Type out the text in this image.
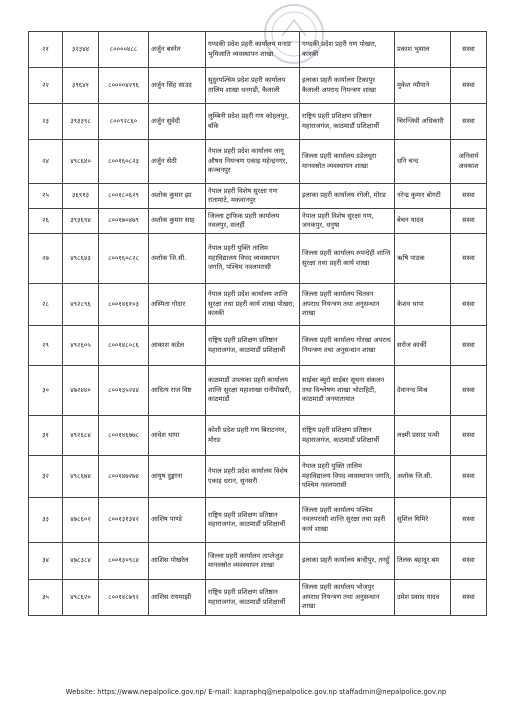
२१	३२३४४	८००००४८८	अर्जुन बस्नेत	गण्डकी प्रदेश प्रहरी कार्यालय मनाङ भुमिजाति व्यवस्थापन शाखा	गण्डकी प्रदेश प्रहरी गण पोखरा, कास्की	प्रकाश भुसाल	सस्वा
२२	३९६४१	८००००४२९६	अर्जुन सिंह साउद	सुदुरपश्चिम प्रदेश प्रहरी कार्यालय तालिम शाखा धनगढी, कैलाली	इलाका प्रहरी कार्यालय टिकापुर कैलाली अपराध नियन्त्रण शाखा	मुकेश न्यौपाने	सस्वा
२३	३९३३९८	८००९२८६०	अर्जुन सुवेदी	लुम्बिनी प्रदेश प्रहरी गण कोहलपुर, बाँके	राष्ट्रिय प्रहरी प्रशिक्षण प्रतिष्ठान महाराजगंज, काठमाडौं प्रशिक्षार्थी	चिरन्जिवी अधिकारी	सस्वा
२४	४९८६४०	८००१६०८२३	अर्जुन सेठी	नेपाल प्रहरी प्रदेश कार्यालय लागू औषध नियन्त्रण एकाइ महेन्द्रनगर, कञ्चनपुर	जिल्ला प्रहरी कार्यालय डडेलधुरा मानवस्रोत व्यवस्थापन शाखा	धनि चन्द	अनिवार्य अवकाश
२५	३६९१३	८००१८०६२९	अशोक कुमार झा	नेपाल प्रहरी विशेष सुरक्षा गण रातामाटे, मकवानपुर	इलाका प्रहरी कार्यालय रंगेली, मोरङ	नरेन्द्र कुमार बोगटी	सस्वा
२६	३९३६९४	८००१७०४७९	अशोक कुमार साह	जिल्ला ट्राफिक प्रहरी कार्यालय नवलपुर, सलर्ही	नेपाल प्रहरी विशेष सुरक्षा गण, जनकपुर, धनुषा	बेचन यादव	सस्वा
२७	४९८६४३	८००१६०८२८	अशोक जि.सी.	नेपाल प्रहरी युक्ति तालिम महाविद्यालय विपद व्यवस्थापन जगति, पश्चिम नवलपरासी	जिल्ला प्रहरी कार्यालय रुपन्देही शान्ति सुरक्षा तथा प्रहरी कार्य शाखा	ऋषि पाठक	सस्वा
२८	४९२८९६	८००१४६१०३	अस्मिता गोदार	नेपाल प्रहरी प्रदेश कार्यालय शान्ति सुरक्षा तथा प्रहरी कार्य शाखा पोखरा, कास्की	जिल्ला प्रहरी कार्यालय चितवन अपराध नियन्त्रण तथा अनुसन्धान शाखा	केशव थापा	सस्वा
२९	४९२६०५	८००१४८०८६	आकाश कडेल	राष्ट्रिय प्रहरी प्रशिक्षण प्रतिष्ठान महाराजगंज, काठमाडौं प्रशिक्षार्थी	जिल्ला प्रहरी कार्यालय गोरखा अपराध नियन्त्रण तथा अनुसन्धान शाखा	सरोज कार्की	सस्वा
३०	४७२४४०	८००१३५२४४	आदित्य राज विष्ट	काठमाडौं उपत्यका प्रहरी कार्यालय शान्ति सुरक्षा महाशाखा रानीपोखरी, काठमाडौं	साईबर ब्युरो साईबर सूचना संकलन तथा विश्लेषण शाखा भोटाहिटी, काठमाडौं जनयातायात	देवानन्द मिश्र	सस्वा
३१	४९२६८४	८००१४६७७८	आवेश थापा	कोशी प्रदेश प्रहरी गण बिराटनगर, मोरङ	राष्ट्रिय प्रहरी प्रशिक्षण प्रतिष्ठान महाराजगंज, काठमाडौं प्रशिक्षार्थी	लक्ष्मी प्रसाद पन्थी	सस्वा
३२	४९८६७४	८००१४७२७४	आयुष दुङ्गाना	नेपाल प्रहरी प्रदेश कार्यालय विशेष एकाइ धरान, सुनसरी	नेपाल प्रहरी युक्ति तालिम महाविद्यालय विपद व्यवस्थापन जगति, पश्चिम नवलपरासी	अशोक जि.सी.	सस्वा
३३	४७८६०२	८००१३१३४२	आशिष पाण्डे	राष्ट्रिय प्रहरी प्रशिक्षण प्रतिष्ठान महाराजगंज, काठमाडौं प्रशिक्षार्थी	जिल्ला प्रहरी कार्यालय पश्चिम नवलपरासी शान्ति सुरक्षा तथा प्रहरी कार्य शाखा	सुशिल घिमिरे	सस्वा
३४	४७८३८४	८००१३०९८४	आशिस पोखरेल	जिल्ला प्रहरी कार्यालय ताप्लेजुङ मानवस्रोत व्यवस्थापन शाखा	इलाका प्रहरी कार्यालय बन्दीपुर, तनहुँ	तिलक बहादुर बम	सस्वा
३५	४९८६२०	८००१४८७९२	आशिस रायमाझी	राष्ट्रिय प्रहरी प्रशिक्षण प्रतिष्ठान महाराजगंज, काठमाडौं प्रशिक्षार्थी	जिल्ला प्रहरी कार्यालय भोजपुर अपराध नियन्त्रण तथा अनुसन्धान शाखा	उमेश प्रसाद यादव	सस्वा
Website: https://www.nepalpolice.gov.np/ E-mail: kapraphq@nepalpolice.gov.np staffadmin@nepalpolice.gov.np
